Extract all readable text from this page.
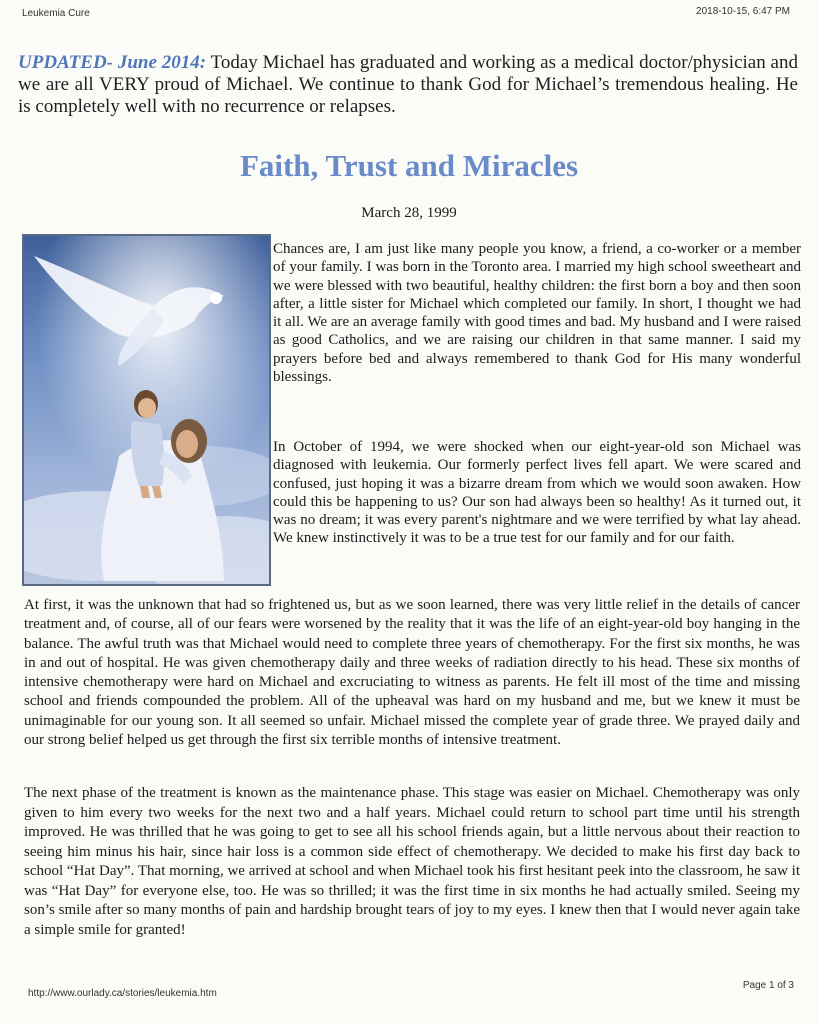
Leukemia Cure	2018-10-15, 6:47 PM
UPDATED- June 2014: Today Michael has graduated and working as a medical doctor/physician and we are all VERY proud of Michael. We continue to thank God for Michael’s tremendous healing. He is completely well with no recurrence or relapses.
Faith, Trust and Miracles
March 28, 1999
Chances are, I am just like many people you know, a friend, a co-worker or a member of your family. I was born in the Toronto area. I married my high school sweetheart and we were blessed with two beautiful, healthy children: the first born a boy and then soon after, a little sister for Michael which completed our family. In short, I thought we had it all. We are an average family with good times and bad. My husband and I were raised as good Catholics, and we are raising our children in that same manner. I said my prayers before bed and always remembered to thank God for His many wonderful blessings.
In October of 1994, we were shocked when our eight-year-old son Michael was diagnosed with leukemia. Our formerly perfect lives fell apart. We were scared and confused, just hoping it was a bizarre dream from which we would soon awaken. How could this be happening to us? Our son had always been so healthy! As it turned out, it was no dream; it was every parent's nightmare and we were terrified by what lay ahead. We knew instinctively it was to be a true test for our family and for our faith.
At first, it was the unknown that had so frightened us, but as we soon learned, there was very little relief in the details of cancer treatment and, of course, all of our fears were worsened by the reality that it was the life of an eight-year-old boy hanging in the balance. The awful truth was that Michael would need to complete three years of chemotherapy. For the first six months, he was in and out of hospital. He was given chemotherapy daily and three weeks of radiation directly to his head. These six months of intensive chemotherapy were hard on Michael and excruciating to witness as parents. He felt ill most of the time and missing school and friends compounded the problem. All of the upheaval was hard on my husband and me, but we knew it must be unimaginable for our young son. It all seemed so unfair. Michael missed the complete year of grade three. We prayed daily and our strong belief helped us get through the first six terrible months of intensive treatment.
The next phase of the treatment is known as the maintenance phase. This stage was easier on Michael. Chemotherapy was only given to him every two weeks for the next two and a half years. Michael could return to school part time until his strength improved. He was thrilled that he was going to get to see all his school friends again, but a little nervous about their reaction to seeing him minus his hair, since hair loss is a common side effect of chemotherapy. We decided to make his first day back to school “Hat Day”. That morning, we arrived at school and when Michael took his first hesitant peek into the classroom, he saw it was “Hat Day” for everyone else, too. He was so thrilled; it was the first time in six months he had actually smiled. Seeing my son’s smile after so many months of pain and hardship brought tears of joy to my eyes. I knew then that I would never again take a simple smile for granted!
http://www.ourlady.ca/stories/leukemia.htm
Page 1 of 3
